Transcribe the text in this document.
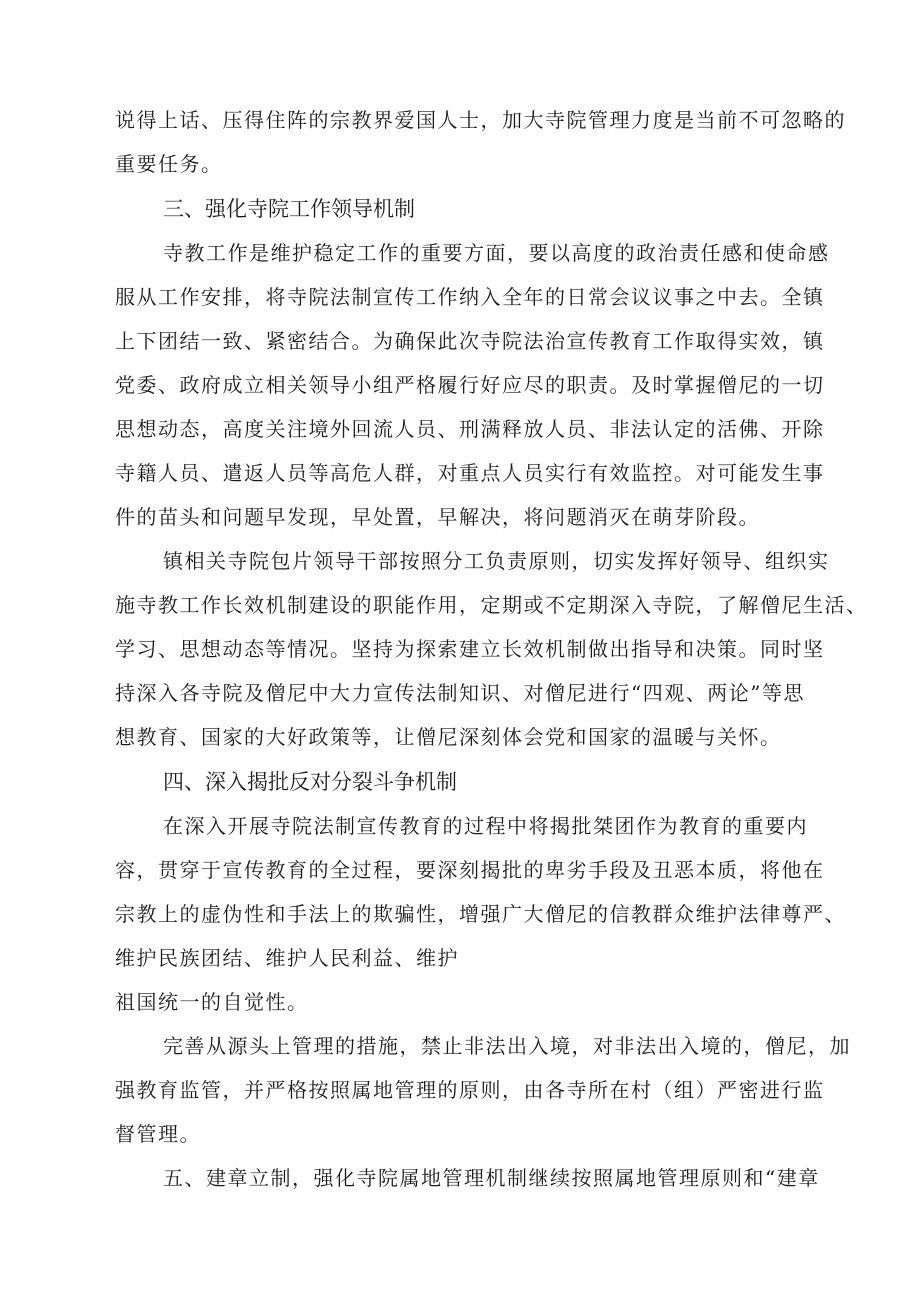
说得上话、压得住阵的宗教界爱国人士，加大寺院管理力度是当前不可忽略的
重要任务。
三、强化寺院工作领导机制
寺教工作是维护稳定工作的重要方面，要以高度的政治责任感和使命感
服从工作安排，将寺院法制宣传工作纳入全年的日常会议议事之中去。全镇
上下团结一致、紧密结合。为确保此次寺院法治宣传教育工作取得实效，镇
党委、政府成立相关领导小组严格履行好应尽的职责。及时掌握僧尼的一切
思想动态，高度关注境外回流人员、刑满释放人员、非法认定的活佛、开除
寺籍人员、遣返人员等高危人群，对重点人员实行有效监控。对可能发生事
件的苗头和问题早发现，早处置，早解决，将问题消灭在萌芽阶段。
镇相关寺院包片领导干部按照分工负责原则，切实发挥好领导、组织实
施寺教工作长效机制建设的职能作用，定期或不定期深入寺院，了解僧尼生活、
学习、思想动态等情况。坚持为探索建立长效机制做出指导和决策。同时坚
持深入各寺院及僧尼中大力宣传法制知识、对僧尼进行“四观、两论”等思
想教育、国家的大好政策等，让僧尼深刻体会党和国家的温暖与关怀。
四、深入揭批反对分裂斗争机制
在深入开展寺院法制宣传教育的过程中将揭批桀团作为教育的重要内
容，贯穿于宣传教育的全过程，要深刻揭批的卑劣手段及丑恶本质，将他在
宗教上的虚伪性和手法上的欺骗性，增强广大僧尼的信教群众维护法律尊严、
维护民族团结、维护人民利益、维护
祖国统一的自觉性。
完善从源头上管理的措施，禁止非法出入境，对非法出入境的，僧尼，加
强教育监管，并严格按照属地管理的原则，由各寺所在村（组）严密进行监
督管理。
五、建章立制，强化寺院属地管理机制继续按照属地管理原则和“建章
